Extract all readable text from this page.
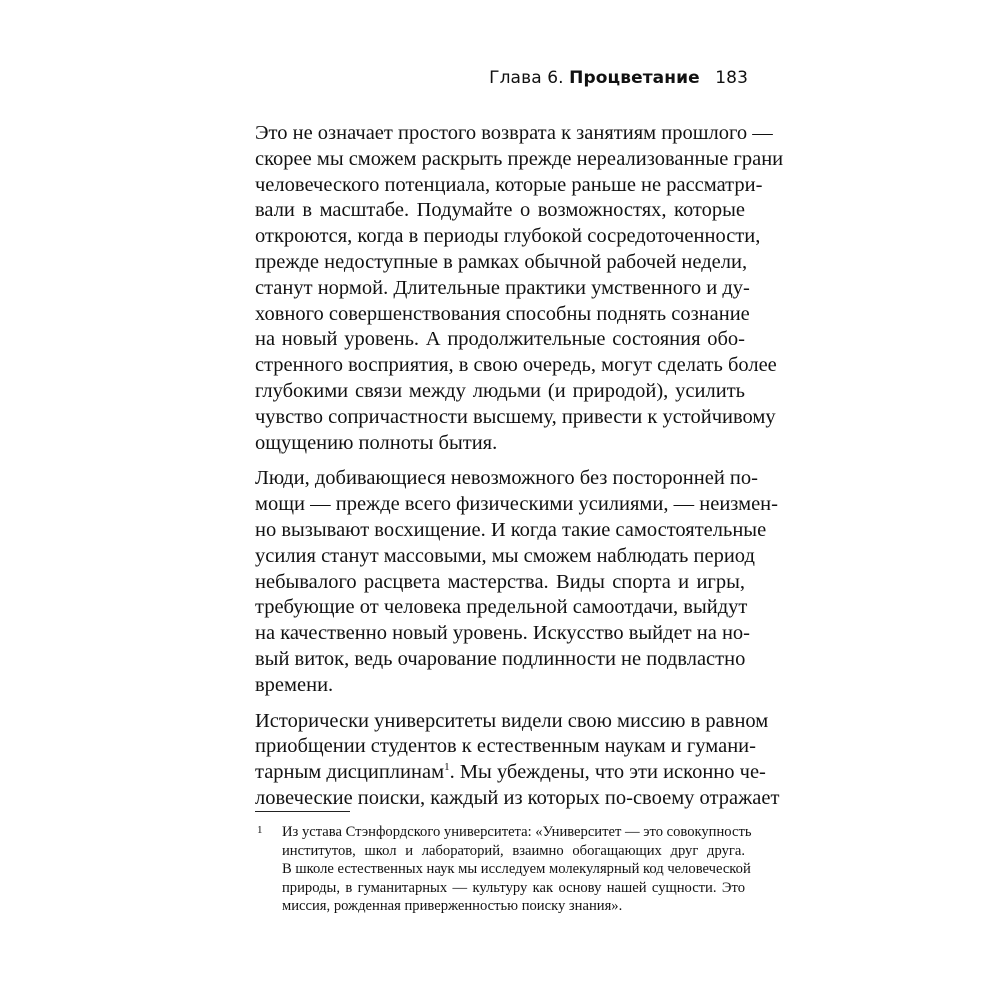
Глава 6. Процветание 183
Это не означает простого возврата к занятиям прошлого —
скорее мы сможем раскрыть прежде нереализованные грани
человеческого потенциала, которые раньше не рассматри-
вали в масштабе. Подумайте о возможностях, которые
откроются, когда в периоды глубокой сосредоточенности,
прежде недоступные в рамках обычной рабочей недели,
станут нормой. Длительные практики умственного и ду-
ховного совершенствования способны поднять сознание
на новый уровень. А продолжительные состояния обо-
стренного восприятия, в свою очередь, могут сделать более
глубокими связи между людьми (и природой), усилить
чувство сопричастности высшему, привести к устойчивому
ощущению полноты бытия.
Люди, добивающиеся невозможного без посторонней по-
мощи — прежде всего физическими усилиями, — неизмен-
но вызывают восхищение. И когда такие самостоятельные
усилия станут массовыми, мы сможем наблюдать период
небывалого расцвета мастерства. Виды спорта и игры,
требующие от человека предельной самоотдачи, выйдут
на качественно новый уровень. Искусство выйдет на но-
вый виток, ведь очарование подлинности не подвластно
времени.
Исторически университеты видели свою миссию в равном
приобщении студентов к естественным наукам и гумани-
тарным дисциплинам$^1$. Мы убеждены, что эти исконно че-
ловеческие поиски, каждый из которых по-своему отражает
1 Из устава Стэнфордского университета: «Университет — это совокупность
институтов, школ и лабораторий, взаимно обогащающих друг друга.
В школе естественных наук мы исследуем молекулярный код человеческой
природы, в гуманитарных — культуру как основу нашей сущности. Это
миссия, рожденная приверженностью поиску знания».
